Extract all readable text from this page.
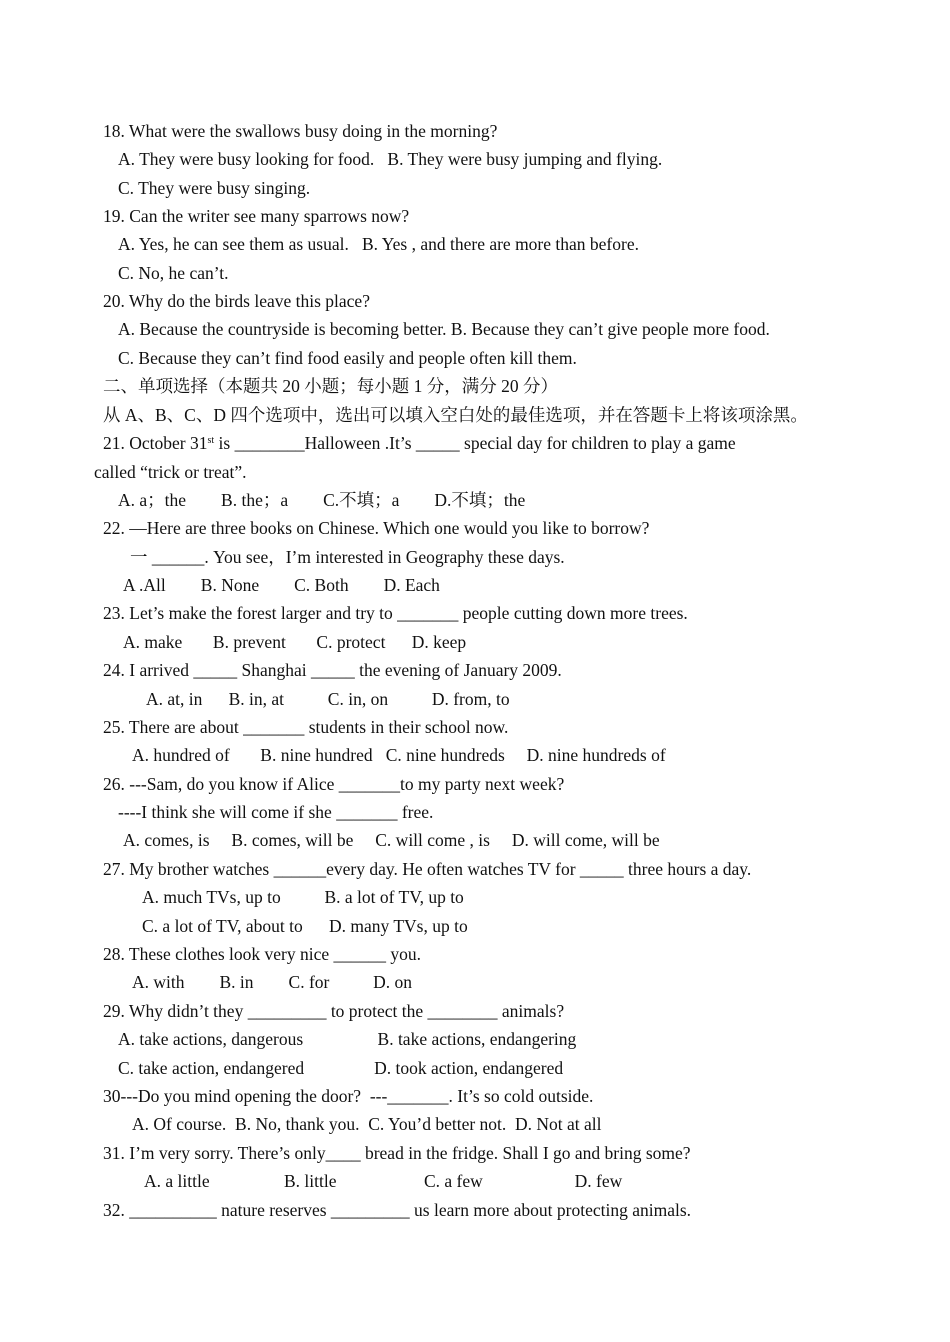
18. What were the swallows busy doing in the morning?
A. They were busy looking for food.   B. They were busy jumping and flying.
C. They were busy singing.
19. Can the writer see many sparrows now?
A. Yes, he can see them as usual.   B. Yes , and there are more than before.
C. No, he can’t.
20. Why do the birds leave this place?
A. Because the countryside is becoming better. B. Because they can’t give people more food.
C. Because they can’t find food easily and people often kill them.
二、单项选择（本题共 20 小题；每小题 1 分，满分 20 分）
从 A、B、C、D 四个选项中，选出可以填入空白处的最佳选项，并在答题卡上将该项涂黑。
21. October 31st is ________Halloween .It’s _____ special day for children to play a game
called “trick or treat”.
A. a；the        B. the；a        C.不填；a        D.不填；the
22. —Here are three books on Chinese. Which one would you like to borrow?
一 ______. You see，I’m interested in Geography these days.
A .All        B. None        C. Both        D. Each
23. Let’s make the forest larger and try to _______ people cutting down more trees.
A. make       B. prevent       C. protect      D. keep
24. I arrived _____ Shanghai _____ the evening of January 2009.
A. at, in      B. in, at          C. in, on          D. from, to
25. There are about _______ students in their school now.
A. hundred of       B. nine hundred   C. nine hundreds     D. nine hundreds of
26. ---Sam, do you know if Alice _______to my party next week?
----I think she will come if she _______ free.
A. comes, is     B. comes, will be     C. will come , is     D. will come, will be
27. My brother watches ______every day. He often watches TV for _____ three hours a day.
A. much TVs, up to          B. a lot of TV, up to
C. a lot of TV, about to      D. many TVs, up to
28. These clothes look very nice ______ you.
A. with        B. in        C. for          D. on
29. Why didn’t they _________ to protect the ________ animals?
A. take actions, dangerous                 B. take actions, endangering
C. take action, endangered                D. took action, endangered
30---Do you mind opening the door?  ---_______. It’s so cold outside.
A. Of course.  B. No, thank you.  C. You’d better not.  D. Not at all
31. I’m very sorry. There’s only____ bread in the fridge. Shall I go and bring some?
A. a little                 B. little                    C. a few                     D. few
32. __________ nature reserves _________ us learn more about protecting animals.
